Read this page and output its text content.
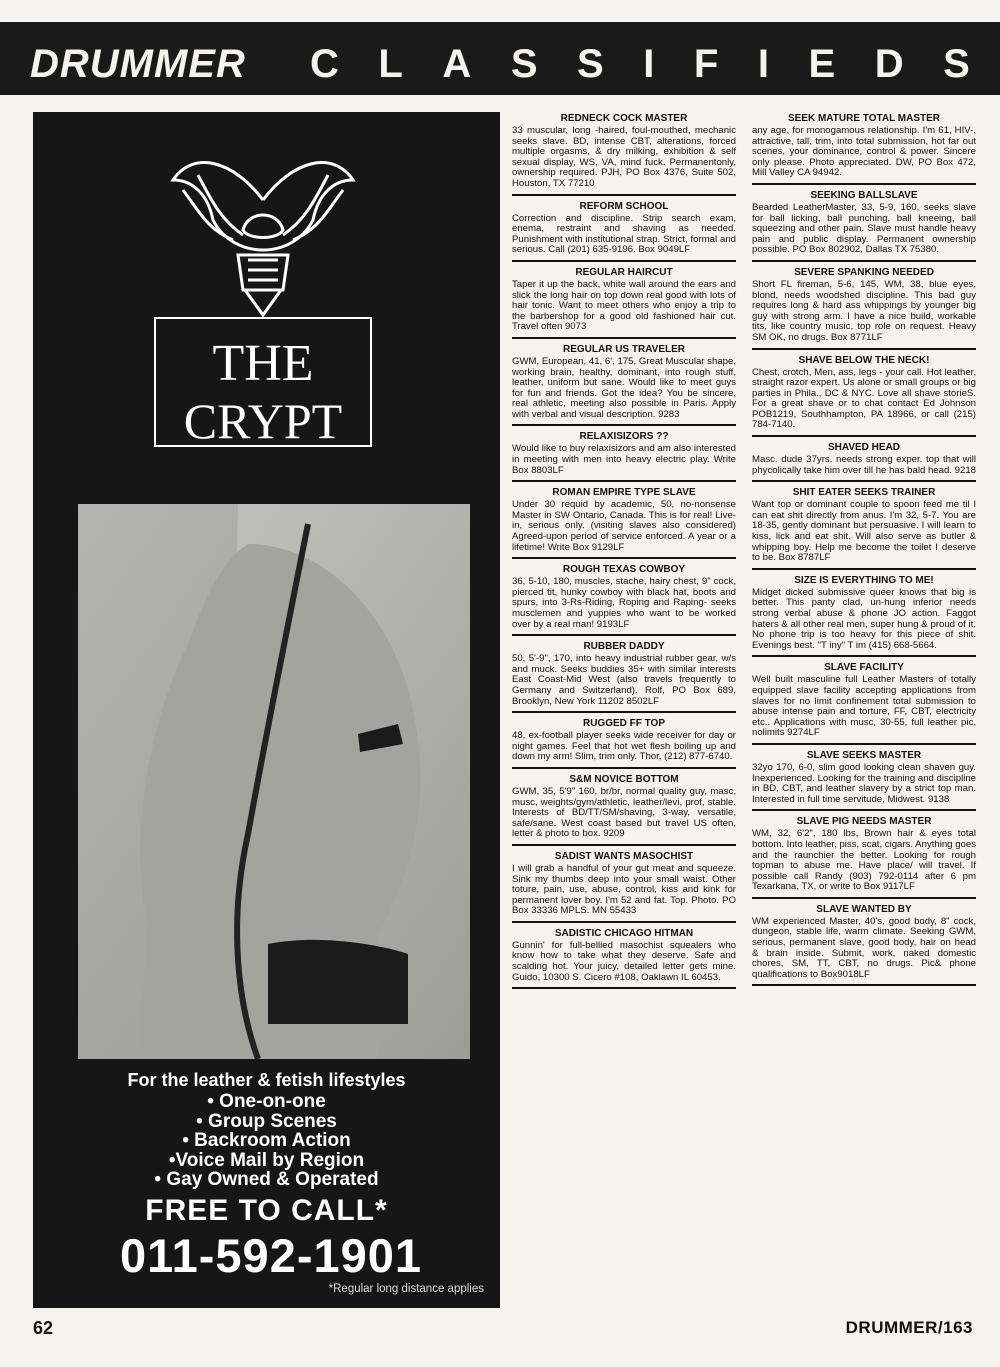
DRUMMER C L A S S I F I E D S
THE
CRYPT
For the leather & fetish lifestyles
• One-on-one
• Group Scenes
• Backroom Action
•Voice Mail by Region
• Gay Owned & Operated
FREE TO CALL*
011-592-1901
*Regular long distance applies
REDNECK COCK MASTER

33 muscular, long -haired, foul-mouthed, mechanic seeks slave. BD, intense CBT, alterations, forced multiple orgasms, & dry milking, exhibition & self sexual display, WS, VA, mind fuck. Permanentonly, ownership required. PJH, PO Box 4376, Suite 502, Houston, TX 77210

REFORM SCHOOL

Correction and discipline. Strip search exam, enema, restraint and shaving as needed. Punishment with institutional strap. Strict, formal and serious. Call (201) 635-9196. Box 9049LF

REGULAR HAIRCUT

Taper it up the back, white wall around the ears and slick the long hair on top down real good with lots of hair tonic. Want to meet others who enjoy a trip to the barbershop for a good old fashioned hair cut. Travel often 9073

REGULAR US TRAVELER

GWM, European, 41, 6', 175, Great Muscular shape, working brain, healthy, dominant, into rough stuff, leather, uniform but sane. Would like to meet guys for fun and friends. Got the idea? You be sincere, real athletic, meeting also possible in Paris. Apply with verbal and visual description. 9283

RELAXISIZORS ??

Would like to buy relaxisizors and am also interested in meeting with men into heavy electric play. Write Box 8803LF

ROMAN EMPIRE TYPE SLAVE

Under 30 requid by academic, 50, no-nonsense Master in SW Ontario, Canada. This is for real! Live-in, serious only. (visiting slaves also considered) Agreed-upon period of service enforced. A year or a lifetime! Write Box 9129LF

ROUGH TEXAS COWBOY

36, 5-10, 180, muscles, stache, hairy chest, 9" cock, pierced tit, hunky cowboy with black hat, boots and spurs, into 3-Rs-Riding, Roping and Raping- seeks musclemen and yuppies who want to be worked over by a real man! 9193LF

RUBBER DADDY

50, 5'-9", 170, into heavy industrial rubber gear, w/s and muck. Seeks buddies 35+ with similar interests East Coast-Mid West (also travels frequently to Germany and Switzerland). Rolf, PO Box 689, Brooklyn, New York 11202 8502LF

RUGGED FF TOP

48, ex-football player seeks wide receiver for day or night games. Feel that hot wet flesh boiling up and down my arm! Slim, trim only. Thor, (212) 877-6740.

S&M NOVICE BOTTOM

GWM, 35, 5'9" 160, br/br, normal quality guy, masc, musc, weights/gym/athletic, leather/levi, prof, stable. Interests of BD/TT/SM/shaving, 3-way, versatile, safe/sane. West coast based but travel US often, letter & photo to box. 9209

SADIST WANTS MASOCHIST

I will grab a handful of your gut meat and squeeze. Sink my thumbs deep into your small waist. Other toture, pain, use, abuse, control, kiss and kink for permanent lover boy. I'm 52 and fat. Top. Photo. PO Box 33336 MPLS. MN 55433

SADISTIC CHICAGO HITMAN

Gunnin' for full-bellied masochist squealers who know how to take what they deserve. Safe and scalding hot. Your juicy, detailed letter gets mine. Guido, 10300 S. Cicero #108, Oaklawn IL 60453.

SEEK MATURE TOTAL MASTER

any age, for monogamous relationship. I'm 61, HIV-, attractive, tall, trim, into total submission, hot far out scenes, your dominance, control & power. Sincere only please. Photo appreciated. DW, PO Box 472, Mill Valley CA 94942.

SEEKING BALLSLAVE

Bearded LeatherMaster, 33, 5-9, 160, seeks slave for ball licking, ball punching, ball kneeing, ball squeezing and other pain. Slave must handle heavy pain and public display. Permanent ownership possible. PO Box 802902, Dallas TX 75380.

SEVERE SPANKING NEEDED

Short FL fireman, 5-6, 145, WM, 38, blue eyes, blond, needs woodshed discipline. This bad guy requires long & hard ass whippings by younger big guy with strong arm. I have a nice build, workable tits, like country music, top role on request. Heavy SM OK, no drugs. Box 8771LF

SHAVE BELOW THE NECK!

Chest, crotch, Men, ass, legs - your call. Hot leather, straight razor expert. Us alone or small groups or big parties in Phila., DC & NYC. Love all shave storieS. For a great shave or to chat contact Ed Johnson POB1219, Southhampton, PA 18966, or call (215) 784-7140.

SHAVED HEAD

Masc. dude 37yrs. needs strong exper. top that will phycolically take him over till he has bald head. 9218

SHIT EATER SEEKS TRAINER

Want top or dominant couple to spoon feed me til I can eat shit directly from anus. I'm 32, 5-7. You are 18-35, gently dominant but persuasive. I will learn to kiss, lick and eat shit. Will also serve as butler & whipping boy. Help me become the toilet I deserve to be. Box 8787LF

SIZE IS EVERYTHING TO ME!

Midget dicked submissive queer knows that big is better. This panty clad, un-hung inferior needs strong verbal abuse & phone JO action. Faggot haters & all other real men, super hung & proud of it. No phone trip is too heavy for this piece of shit. Evenings best. "T iny" T im (415) 668-5664.

SLAVE FACILITY

Well built masculine full Leather Masters of totally equipped slave facility accepting applications from slaves for no limit confinement total submission to abuse intense pain and torture, FF, CBT, electricity etc.. Applications with musc, 30-55, full leather pic, nolimits 9274LF

SLAVE SEEKS MASTER

32yo 170, 6-0, slim good looking clean shaven guy. Inexperienced. Looking for the training and discipline in BD, CBT, and leather slavery by a strict top man. Interested in full time servitude, Midwest. 9138

SLAVE PIG NEEDS MASTER

WM, 32, 6'2", 180 lbs, Brown hair & eyes total bottom. Into leather, piss, scat, cigars. Anything goes and the raunchier the better. Looking for rough topman to abuse me. Have place/ will travel. If possible call Randy (903) 792-0114 after 6 pm Texarkana, TX, or write to Box 9117LF

SLAVE WANTED BY

WM experienced Master, 40's, good body, 8" cock, dungeon, stable life, warm climate. Seeking GWM, serious, permanent slave, good body, hair on head & brain inside. Submit, work, naked domestic chores, SM, TT, CBT, no drugs. Pic& phone qualifications to Box9018LF

62	DRUMMER/163
